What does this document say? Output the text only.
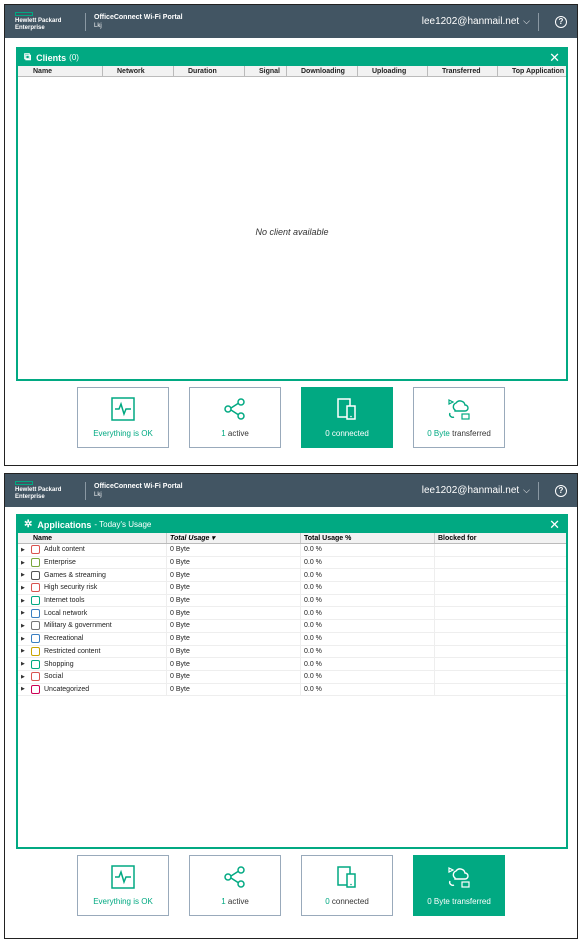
Hewlett Packard
Enterprise
OfficeConnect Wi-Fi Portal
Lkj	lee1202@hanmail.net ⌵	?
⧉ Clients (0)	✕
Name	Network	Duration	Signal	Downloading	Uploading	Transferred	Top Application
No client available
Everything is OK	1 active	0 connected	0 Byte transferred
Hewlett Packard
Enterprise
OfficeConnect Wi-Fi Portal
Lkj	lee1202@hanmail.net ⌵	?
✲ Applications - Today's Usage	✕
Name	Total Usage ▾	Total Usage %	Blocked for
▶	Adult content	0 Byte	0.0 %
▶	Enterprise	0 Byte	0.0 %
▶	Games & streaming	0 Byte	0.0 %
▶	High security risk	0 Byte	0.0 %
▶	Internet tools	0 Byte	0.0 %
▶	Local network	0 Byte	0.0 %
▶	Military & government	0 Byte	0.0 %
▶	Recreational	0 Byte	0.0 %
▶	Restricted content	0 Byte	0.0 %
▶	Shopping	0 Byte	0.0 %
▶	Social	0 Byte	0.0 %
▶	Uncategorized	0 Byte	0.0 %
Everything is OK	1 active	0 connected	0 Byte transferred
